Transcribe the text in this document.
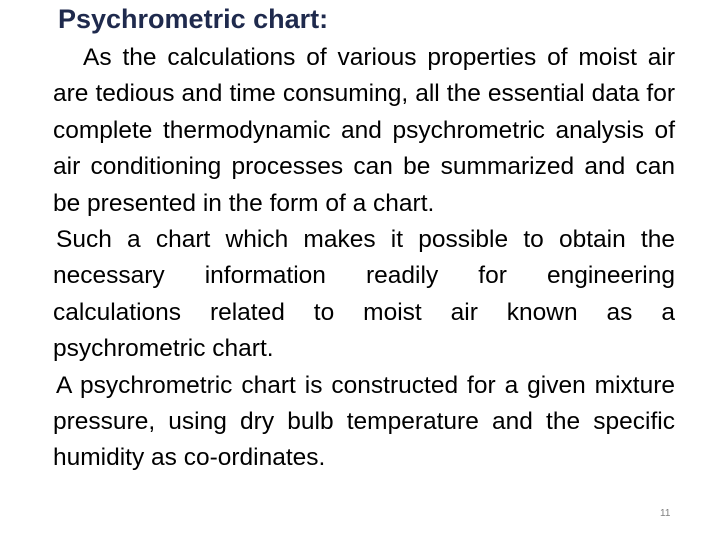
Psychrometric chart:

As the calculations of various properties of moist air are tedious and time consuming, all the essential data for complete thermodynamic and psychrometric analysis of air conditioning processes can be summarized and can be presented in the form of a chart.

Such a chart which makes it possible to obtain the necessary information readily for engineering calculations related to moist air known as a psychrometric chart.

A psychrometric chart is constructed for a given mixture pressure, using dry bulb temperature and the specific humidity as co-ordinates.

11
